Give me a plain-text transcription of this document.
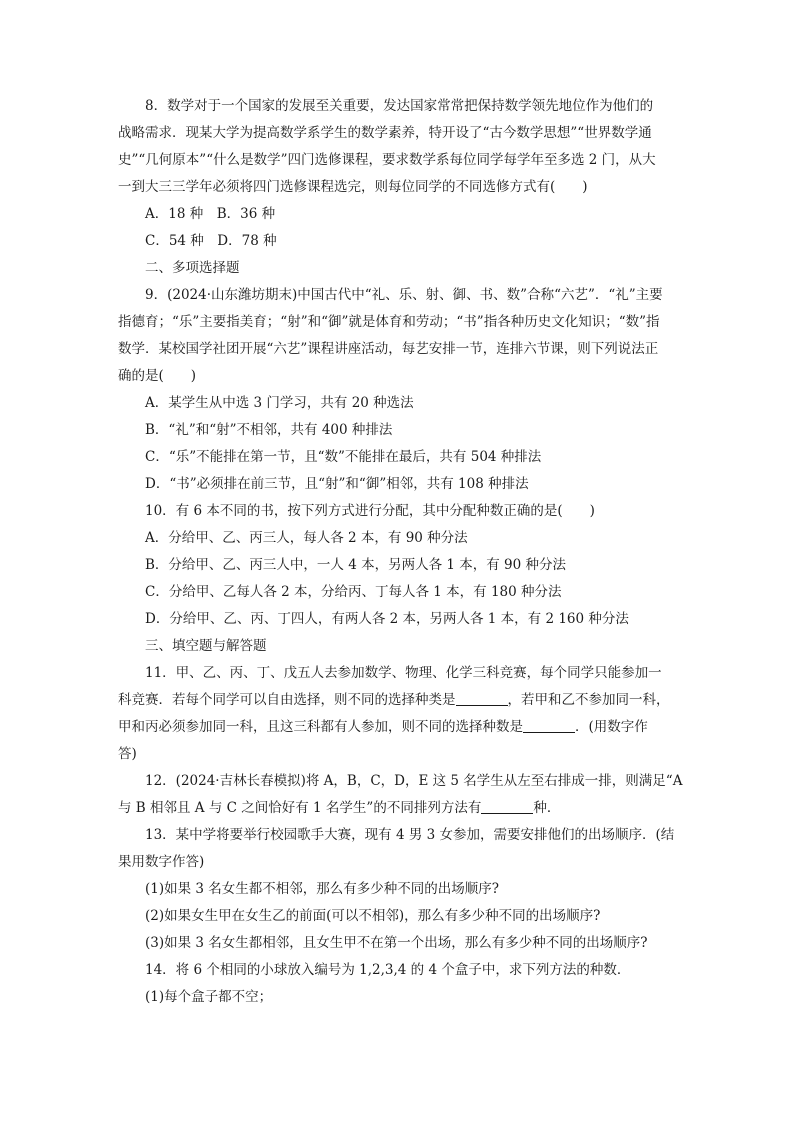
8．数学对于一个国家的发展至关重要，发达国家常常把保持数学领先地位作为他们的
战略需求．现某大学为提高数学系学生的数学素养，特开设了“古今数学思想”“世界数学通
史”“几何原本”“什么是数学”四门选修课程，要求数学系每位同学每学年至多选 2 门，从大
一到大三三学年必须将四门选修课程选完，则每位同学的不同选修方式有(　　)
A．18 种　B．36 种
C．54 种　D．78 种
二、多项选择题
9．(2024·山东潍坊期末)中国古代中“礼、乐、射、御、书、数”合称“六艺”．“礼”主要
指德育；“乐”主要指美育；“射”和“御”就是体育和劳动；“书”指各种历史文化知识；“数”指
数学．某校国学社团开展“六艺”课程讲座活动，每艺安排一节，连排六节课，则下列说法正
确的是(　　)
A．某学生从中选 3 门学习，共有 20 种选法
B．“礼”和“射”不相邻，共有 400 种排法
C．“乐”不能排在第一节，且“数”不能排在最后，共有 504 种排法
D．“书”必须排在前三节，且“射”和“御”相邻，共有 108 种排法
10．有 6 本不同的书，按下列方式进行分配，其中分配种数正确的是(　　)
A．分给甲、乙、丙三人，每人各 2 本，有 90 种分法
B．分给甲、乙、丙三人中，一人 4 本，另两人各 1 本，有 90 种分法
C．分给甲、乙每人各 2 本，分给丙、丁每人各 1 本，有 180 种分法
D．分给甲、乙、丙、丁四人，有两人各 2 本，另两人各 1 本，有 2 160 种分法
三、填空题与解答题
11．甲、乙、丙、丁、戊五人去参加数学、物理、化学三科竞赛，每个同学只能参加一
科竞赛．若每个同学可以自由选择，则不同的选择种类是	，若甲和乙不参加同一科，
甲和丙必须参加同一科，且这三科都有人参加，则不同的选择种数是	．(用数字作
答)
12．(2024·吉林长春模拟)将 A，B，C，D，E 这 5 名学生从左至右排成一排，则满足“A
与 B 相邻且 A 与 C 之间恰好有 1 名学生”的不同排列方法有	种．
13．某中学将要举行校园歌手大赛，现有 4 男 3 女参加，需要安排他们的出场顺序．(结
果用数字作答)
(1)如果 3 名女生都不相邻，那么有多少种不同的出场顺序?
(2)如果女生甲在女生乙的前面(可以不相邻)，那么有多少种不同的出场顺序?
(3)如果 3 名女生都相邻，且女生甲不在第一个出场，那么有多少种不同的出场顺序?
14．将 6 个相同的小球放入编号为 1,2,3,4 的 4 个盒子中，求下列方法的种数．
(1)每个盒子都不空；
